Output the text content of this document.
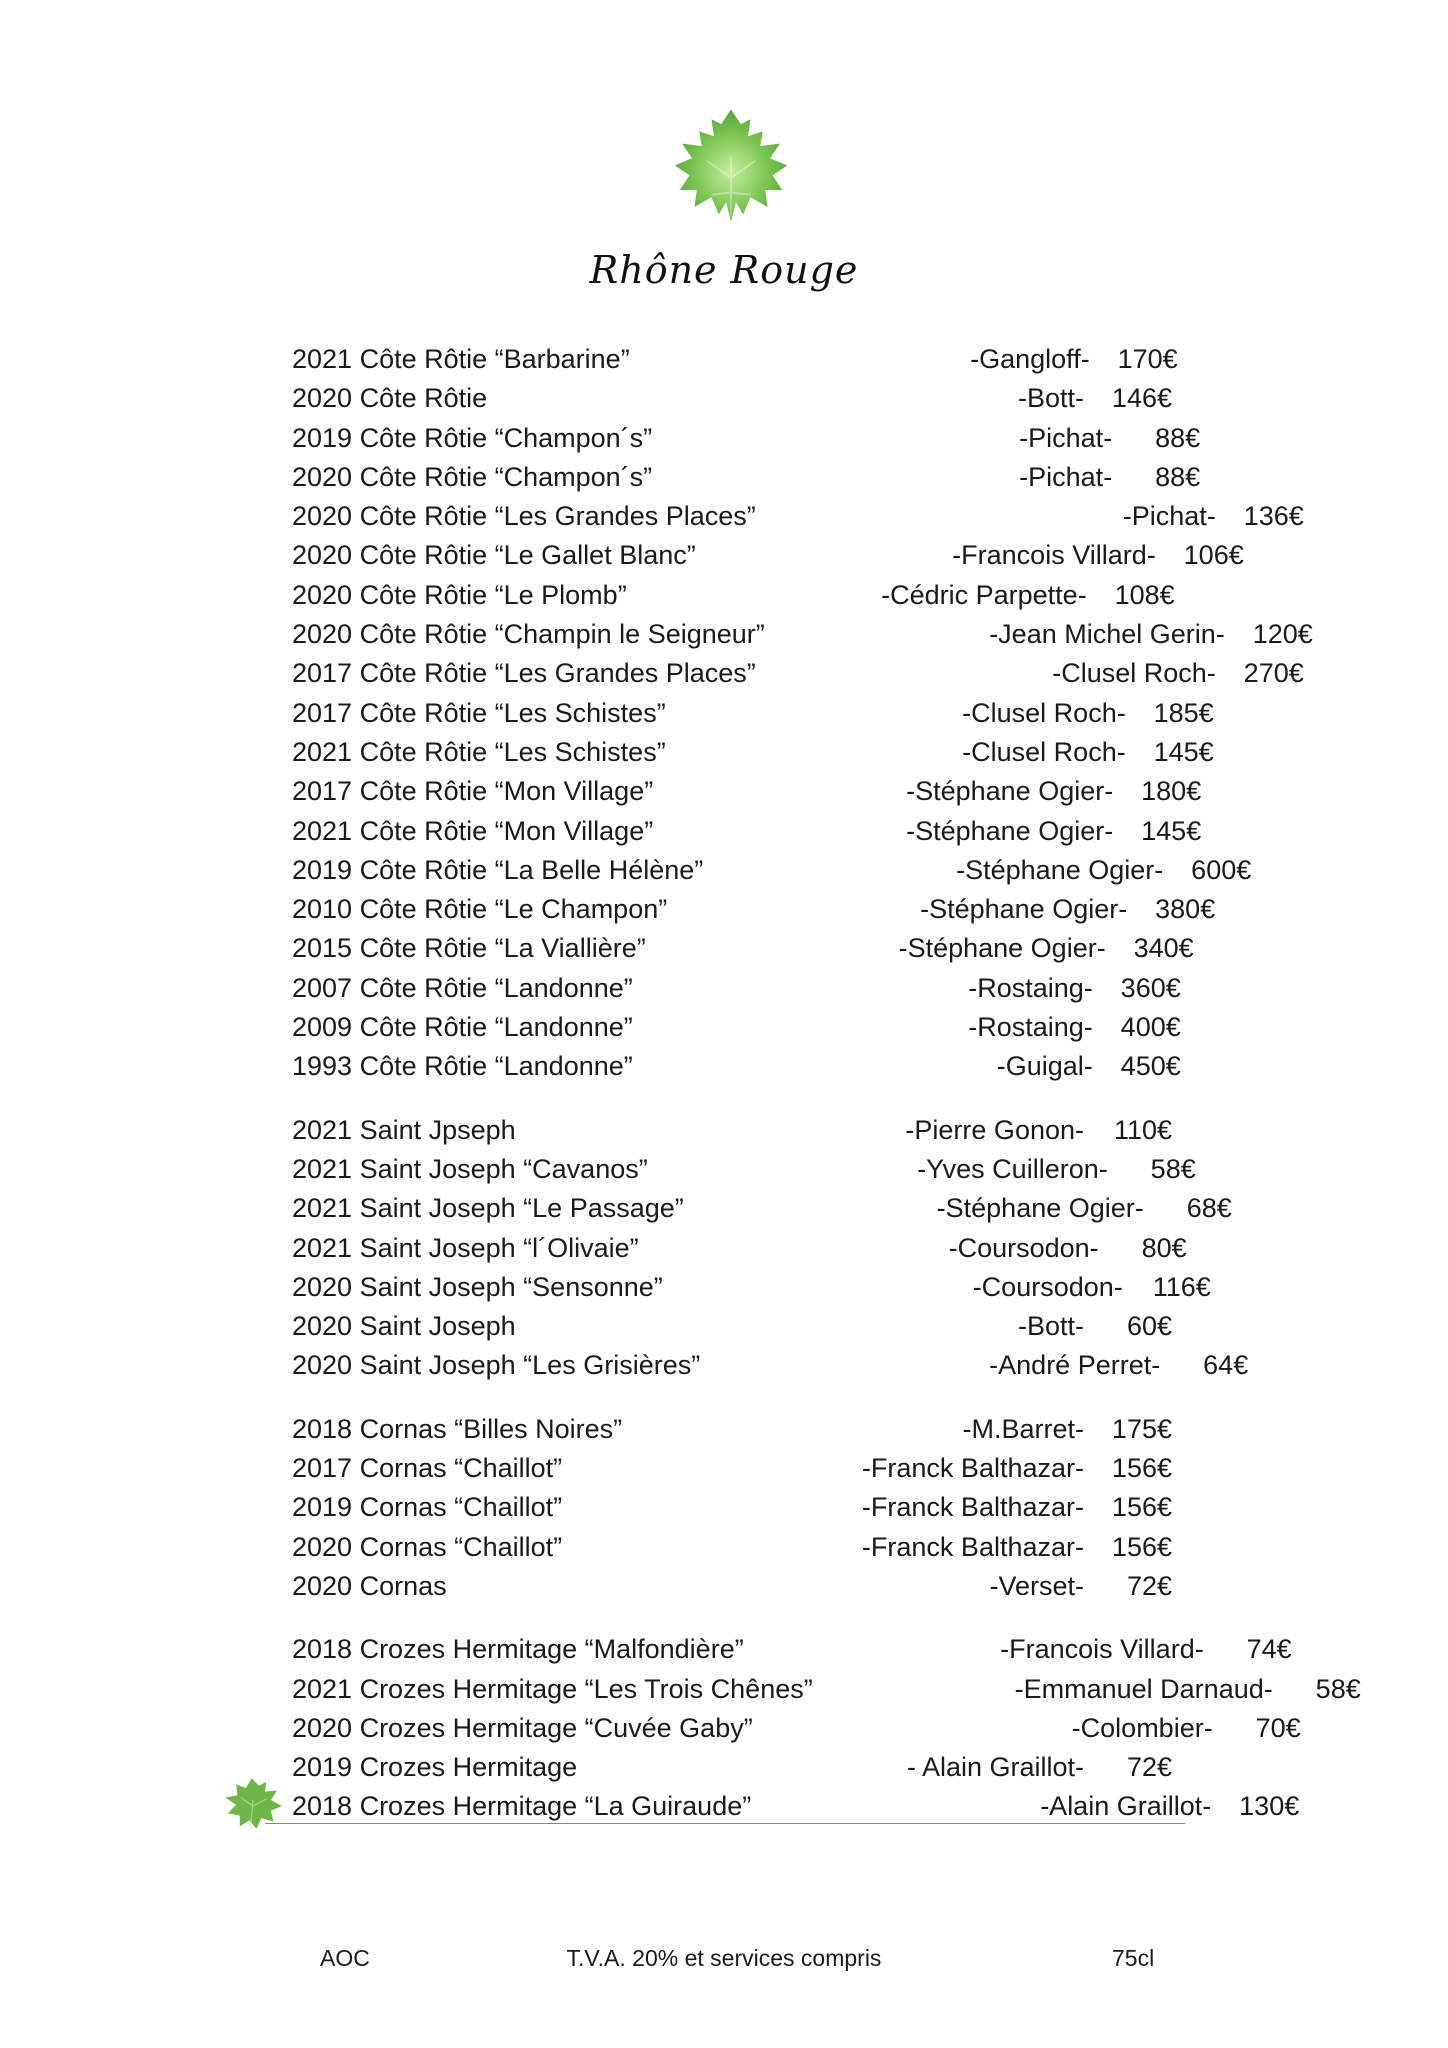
Rhône Rouge
2021 Côte Rôtie “Barbarine”	-Gangloff-	170€
2020 Côte Rôtie	-Bott-	146€
2019 Côte Rôtie “Champon´s”	-Pichat-	88€
2020 Côte Rôtie “Champon´s”	-Pichat-	88€
2020 Côte Rôtie “Les Grandes Places”	-Pichat-	136€
2020 Côte Rôtie “Le Gallet Blanc”	-Francois Villard-	106€
2020 Côte Rôtie “Le Plomb”	-Cédric Parpette-	108€
2020 Côte Rôtie “Champin le Seigneur”	-Jean Michel Gerin-	120€
2017 Côte Rôtie “Les Grandes Places”	-Clusel Roch-	270€
2017 Côte Rôtie “Les Schistes”	-Clusel Roch-	185€
2021 Côte Rôtie “Les Schistes”	-Clusel Roch-	145€
2017 Côte Rôtie “Mon Village”	-Stéphane Ogier-	180€
2021 Côte Rôtie “Mon Village”	-Stéphane Ogier-	145€
2019 Côte Rôtie “La Belle Hélène”	-Stéphane Ogier-	600€
2010 Côte Rôtie “Le Champon”	-Stéphane Ogier-	380€
2015 Côte Rôtie “La Viallière”	-Stéphane Ogier-	340€
2007 Côte Rôtie “Landonne”	-Rostaing-	360€
2009 Côte Rôtie “Landonne”	-Rostaing-	400€
1993 Côte Rôtie “Landonne”	-Guigal-	450€
2021 Saint Jpseph	-Pierre Gonon-	110€
2021 Saint Joseph “Cavanos”	-Yves Cuilleron-	58€
2021 Saint Joseph “Le Passage”	-Stéphane Ogier-	68€
2021 Saint Joseph “l´Olivaie”	-Coursodon-	80€
2020 Saint Joseph “Sensonne”	-Coursodon-	116€
2020 Saint Joseph	-Bott-	60€
2020 Saint Joseph “Les Grisières”	-André Perret-	64€
2018 Cornas “Billes Noires”	-M.Barret-	175€
2017 Cornas “Chaillot”	-Franck Balthazar-	156€
2019 Cornas “Chaillot”	-Franck Balthazar-	156€
2020 Cornas “Chaillot”	-Franck Balthazar-	156€
2020 Cornas	-Verset-	72€
2018 Crozes Hermitage “Malfondière”	-Francois Villard-	74€
2021 Crozes Hermitage “Les Trois Chênes”	-Emmanuel Darnaud-	58€
2020 Crozes Hermitage “Cuvée Gaby”	-Colombier-	70€
2019 Crozes Hermitage	- Alain Graillot-	72€
2018 Crozes Hermitage “La Guiraude”	-Alain Graillot-	130€
AOC	T.V.A. 20% et services compris	75cl
